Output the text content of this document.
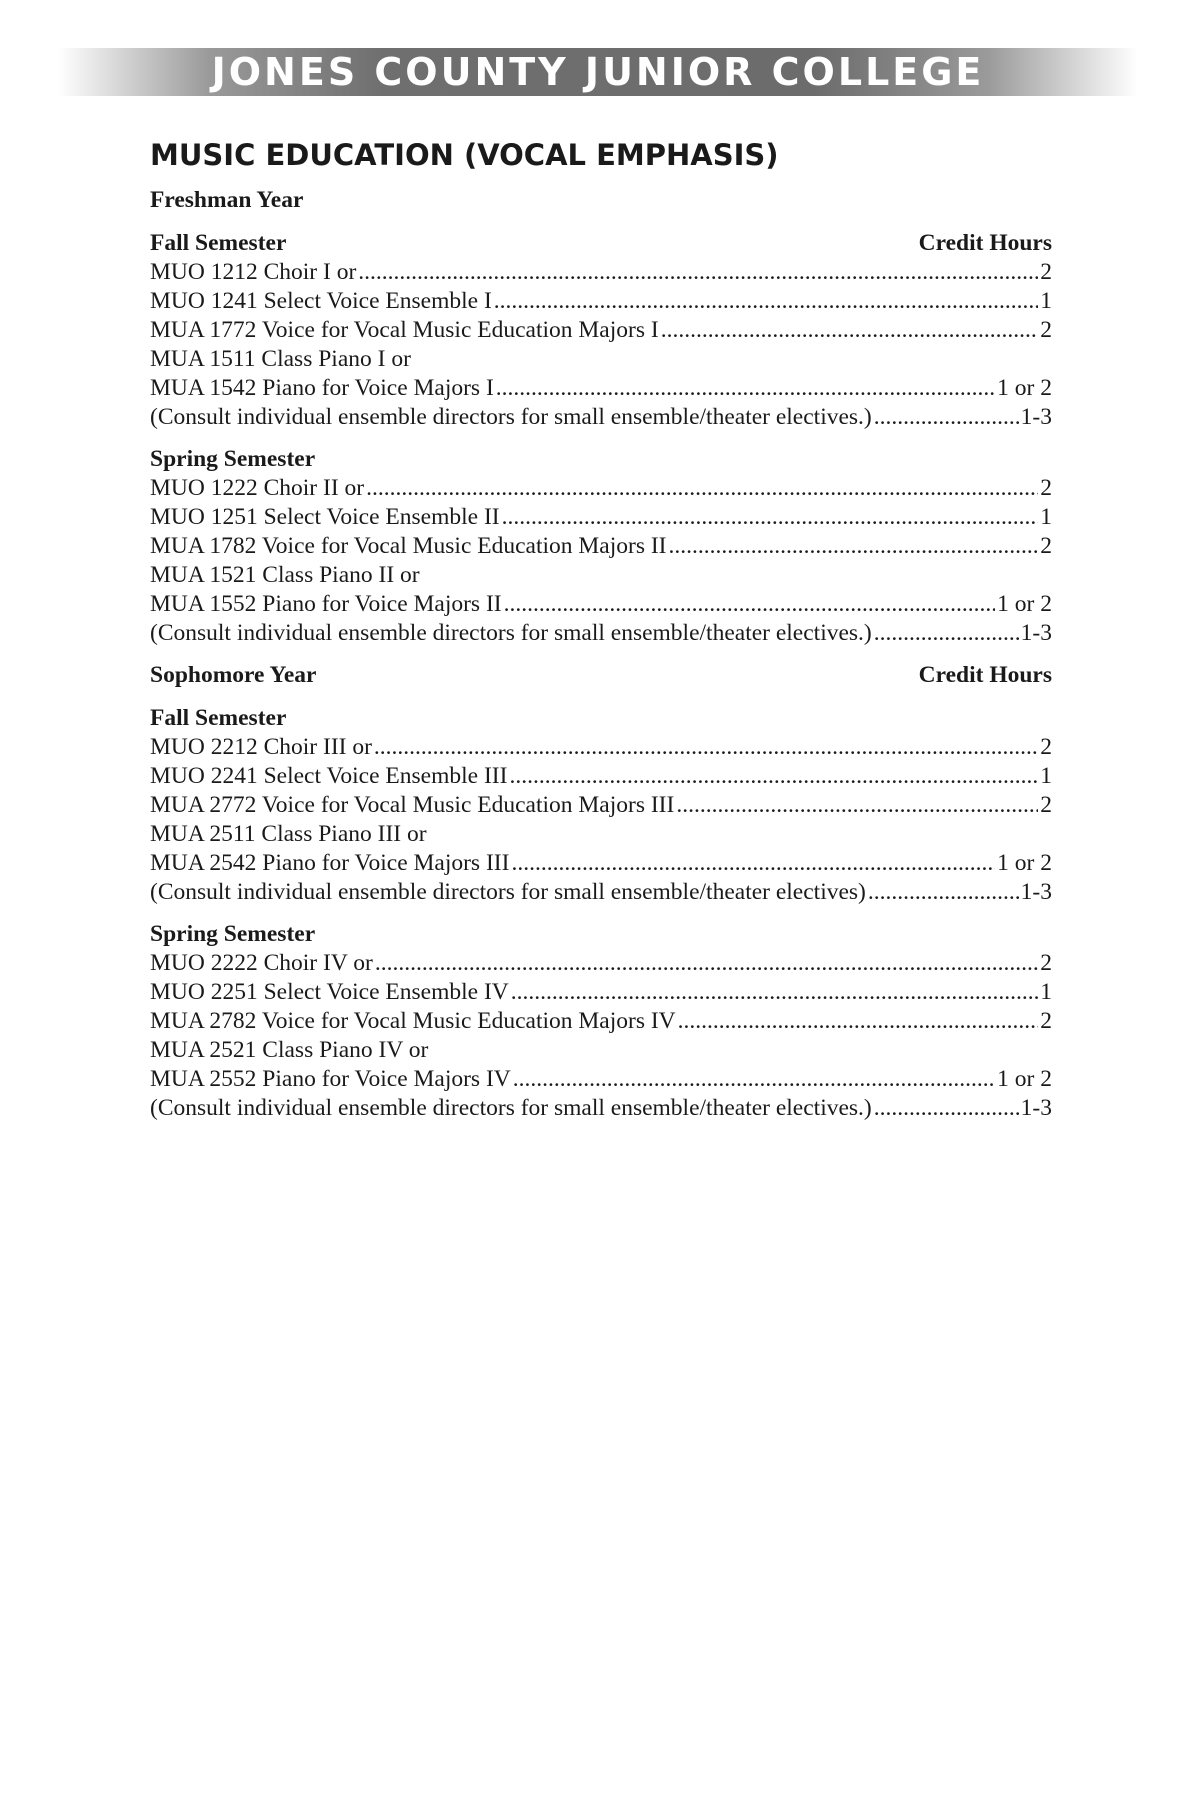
JONES COUNTY JUNIOR COLLEGE
MUSIC EDUCATION (VOCAL EMPHASIS)
Freshman Year
Fall Semester	Credit Hours
MUO 1212 Choir I or .....	2
MUO 1241 Select Voice Ensemble I .....	1
MUA 1772 Voice for Vocal Music Education Majors I .....	2
MUA 1511 Class Piano I or
MUA 1542 Piano for Voice Majors I .....	1 or 2
(Consult individual ensemble directors for small ensemble/theater electives.) .....	1-3
Spring Semester
MUO 1222 Choir II or .....	2
MUO 1251 Select Voice Ensemble II .....	1
MUA 1782 Voice for Vocal Music Education Majors II .....	2
MUA 1521 Class Piano II or
MUA 1552 Piano for Voice Majors II .....	1 or 2
(Consult individual ensemble directors for small ensemble/theater electives.) .....	1-3
Sophomore Year	Credit Hours
Fall Semester
MUO 2212 Choir III or .....	2
MUO 2241 Select Voice Ensemble III .....	1
MUA 2772 Voice for Vocal Music Education Majors III .....	2
MUA 2511 Class Piano III or
MUA 2542 Piano for Voice Majors III .....	1 or 2
(Consult individual ensemble directors for small ensemble/theater electives) .....	1-3
Spring Semester
MUO 2222 Choir IV or .....	2
MUO 2251 Select Voice Ensemble IV .....	1
MUA 2782 Voice for Vocal Music Education Majors IV .....	2
MUA 2521 Class Piano IV or
MUA 2552 Piano for Voice Majors IV .....	1 or 2
(Consult individual ensemble directors for small ensemble/theater electives.) .....	1-3
